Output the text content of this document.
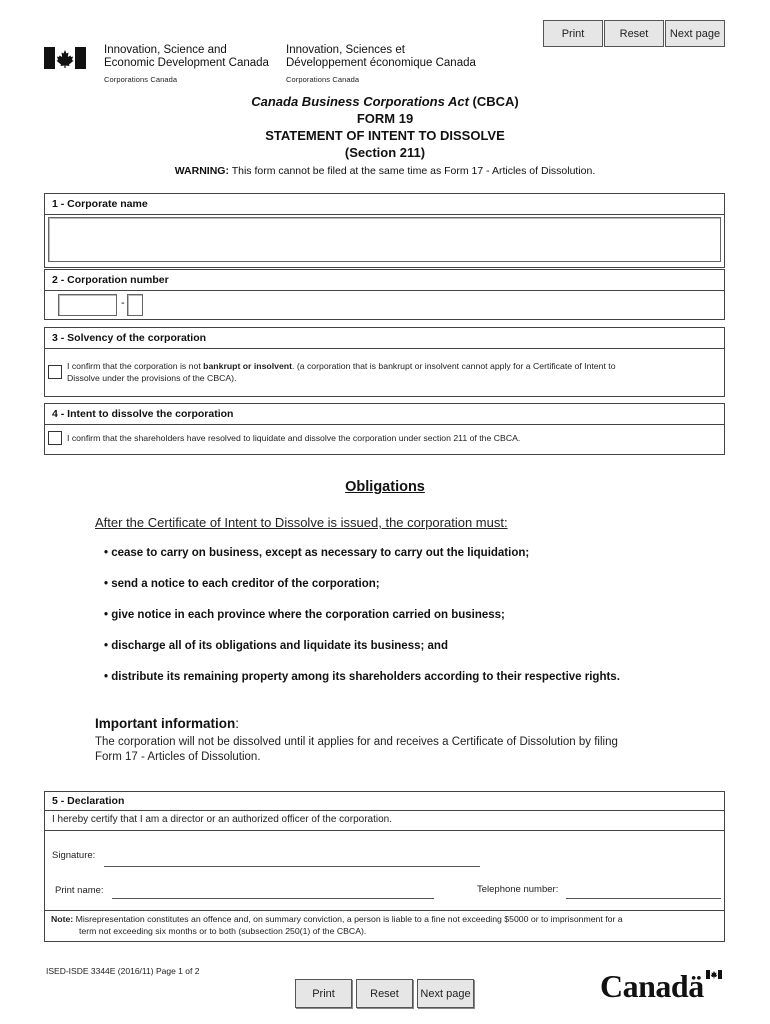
Print	Reset	Next page
Innovation, Science and
Economic Development Canada
Corporations Canada
Innovation, Sciences et
Développement économique Canada
Corporations Canada
Canada Business Corporations Act (CBCA)
FORM 19
STATEMENT OF INTENT TO DISSOLVE
(Section 211)
WARNING: This form cannot be filed at the same time as Form 17 - Articles of Dissolution.
1 - Corporate name
2 - Corporation number
-
3 - Solvency of the corporation
I confirm that the corporation is not bankrupt or insolvent. (a corporation that is bankrupt or insolvent cannot apply for a Certificate of Intent to
Dissolve under the provisions of the CBCA).
4 - Intent to dissolve the corporation
I confirm that the shareholders have resolved to liquidate and dissolve the corporation under section 211 of the CBCA.
Obligations
After the Certificate of Intent to Dissolve is issued, the corporation must:
• cease to carry on business, except as necessary to carry out the liquidation;
• send a notice to each creditor of the corporation;
• give notice in each province where the corporation carried on business;
• discharge all of its obligations and liquidate its business; and
• distribute its remaining property among its shareholders according to their respective rights.
Important information:
The corporation will not be dissolved until it applies for and receives a Certificate of Dissolution by filing
Form 17 - Articles of Dissolution.
5 - Declaration
I hereby certify that I am a director or an authorized officer of the corporation.
Signature:
Print name:	Telephone number:
Note: Misrepresentation constitutes an offence and, on summary conviction, a person is liable to a fine not exceeding $5000 or to imprisonment for a
term not exceeding six months or to both (subsection 250(1) of the CBCA).
ISED-ISDE 3344E (2016/11) Page 1 of 2
Print	Reset	Next page	Canadä
